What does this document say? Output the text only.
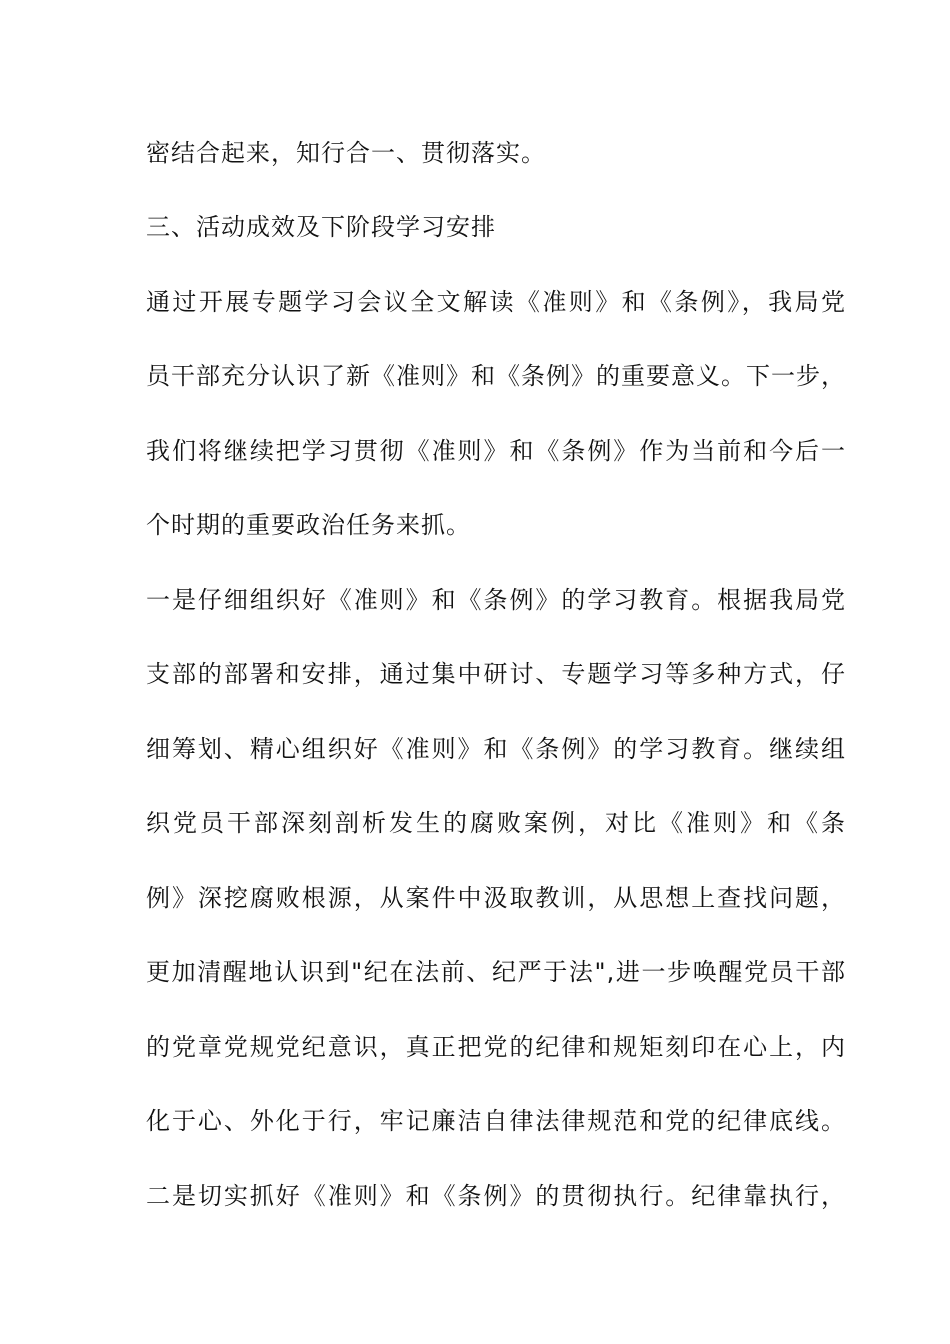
密结合起来，知行合一、贯彻落实。
三、活动成效及下阶段学习安排
通过开展专题学习会议全文解读《准则》和《条例》，我局党
员干部充分认识了新《准则》和《条例》的重要意义。下一步，
我们将继续把学习贯彻《准则》和《条例》作为当前和今后一
个时期的重要政治任务来抓。
一是仔细组织好《准则》和《条例》的学习教育。根据我局党
支部的部署和安排，通过集中研讨、专题学习等多种方式，仔
细筹划、精心组织好《准则》和《条例》的学习教育。继续组
织党员干部深刻剖析发生的腐败案例，对比《准则》和《条
例》深挖腐败根源，从案件中汲取教训，从思想上查找问题，
更加清醒地认识到"纪在法前、纪严于法",进一步唤醒党员干部
的党章党规党纪意识，真正把党的纪律和规矩刻印在心上，内
化于心、外化于行，牢记廉洁自律法律规范和党的纪律底线。
二是切实抓好《准则》和《条例》的贯彻执行。纪律靠执行，
